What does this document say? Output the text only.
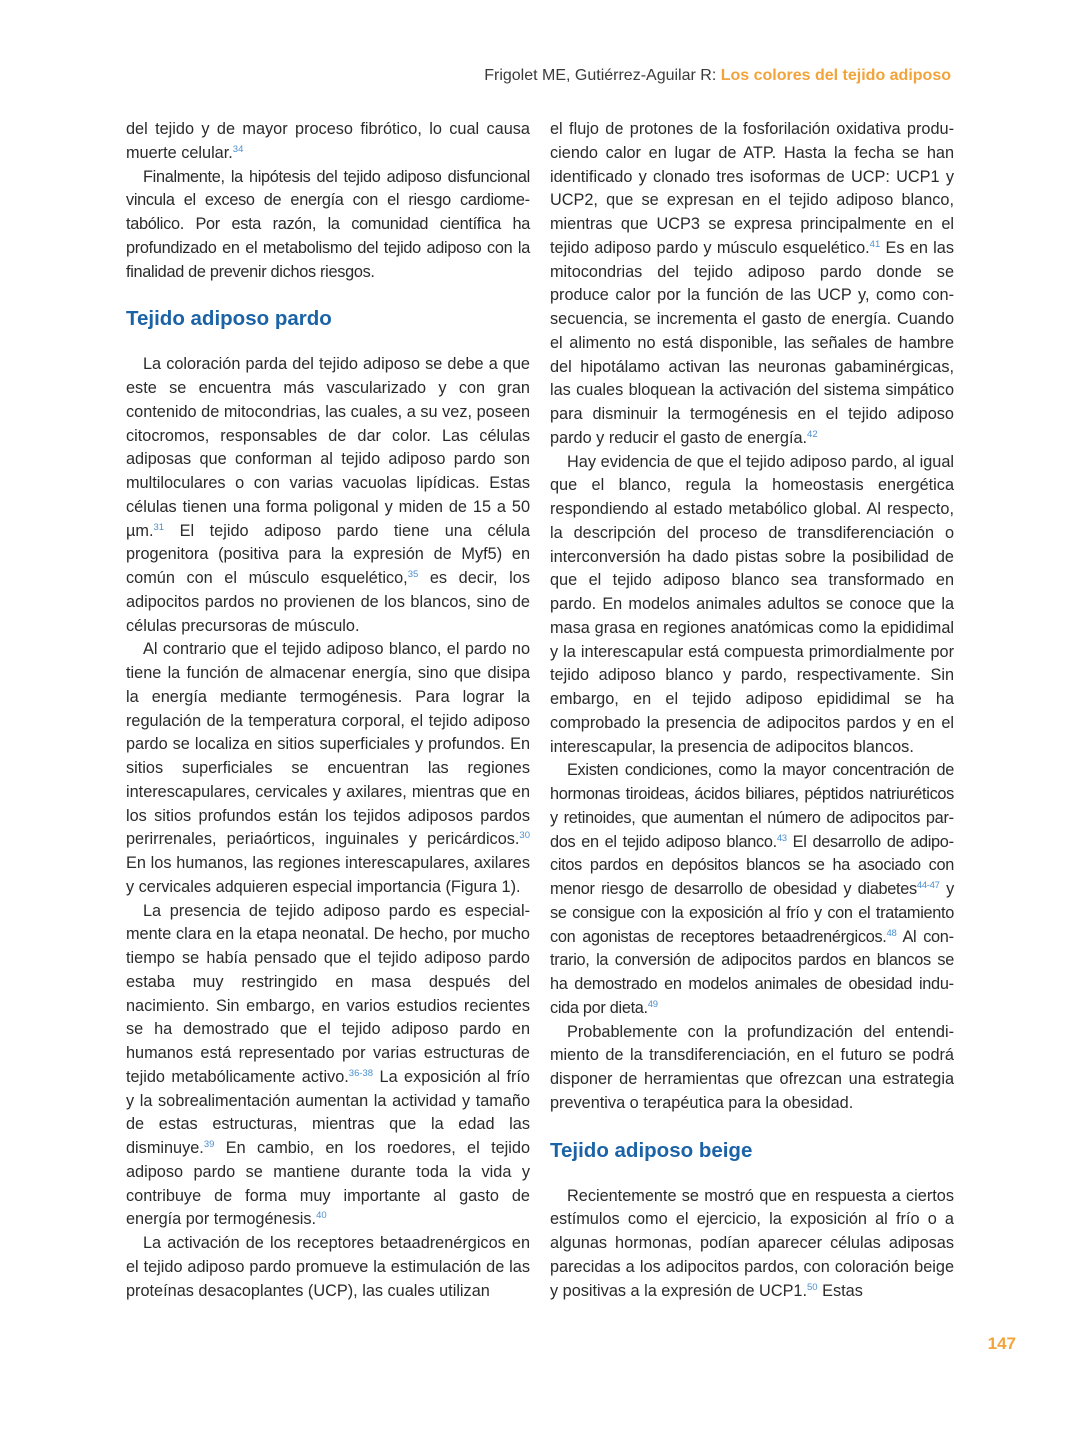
Frigolet ME, Gutiérrez-Aguilar R: Los colores del tejido adiposo

del tejido y de mayor proceso fibrótico, lo cual causa muerte celular.$^{34}$

Finalmente, la hipótesis del tejido adiposo disfuncional vincula el exceso de energía con el riesgo cardiometabólico. Por esta razón, la comunidad científica ha profundizado en el metabolismo del tejido adiposo con la finalidad de prevenir dichos riesgos.

Tejido adiposo pardo

La coloración parda del tejido adiposo se debe a que este se encuentra más vascularizado y con gran contenido de mitocondrias, las cuales, a su vez, poseen citocromos, responsables de dar color. Las células adiposas que conforman al tejido adiposo pardo son multiloculares o con varias vacuolas lipídicas. Estas células tienen una forma poligonal y miden de 15 a 50 µm.$^{31}$ El tejido adiposo pardo tiene una célula progenitora (positiva para la expresión de Myf5) en común con el músculo esquelético,$^{35}$ es decir, los adipocitos pardos no provienen de los blancos, sino de células precursoras de músculo.

Al contrario que el tejido adiposo blanco, el pardo no tiene la función de almacenar energía, sino que disipa la energía mediante termogénesis. Para lograr la regulación de la temperatura corporal, el tejido adiposo pardo se localiza en sitios superficiales y profundos. En sitios superficiales se encuentran las regiones interescapulares, cervicales y axilares, mientras que en los sitios profundos están los tejidos adiposos pardos perirrenales, periaórticos, inguinales y pericárdicos.$^{30}$ En los humanos, las regiones interescapulares, axilares y cervicales adquieren especial importancia (Figura 1).

La presencia de tejido adiposo pardo es especialmente clara en la etapa neonatal. De hecho, por mucho tiempo se había pensado que el tejido adiposo pardo estaba muy restringido en masa después del nacimiento. Sin embargo, en varios estudios recientes se ha demostrado que el tejido adiposo pardo en humanos está representado por varias estructuras de tejido metabólicamente activo.$^{36-38}$ La exposición al frío y la sobrealimentación aumentan la actividad y tamaño de estas estructuras, mientras que la edad las disminuye.$^{39}$ En cambio, en los roedores, el tejido adiposo pardo se mantiene durante toda la vida y contribuye de forma muy importante al gasto de energía por termogénesis.$^{40}$

La activación de los receptores betaadrenérgicos en el tejido adiposo pardo promueve la estimulación de las proteínas desacoplantes (UCP), las cuales utilizan

el flujo de protones de la fosforilación oxidativa produciendo calor en lugar de ATP. Hasta la fecha se han identificado y clonado tres isoformas de UCP: UCP1 y UCP2, que se expresan en el tejido adiposo blanco, mientras que UCP3 se expresa principalmente en el tejido adiposo pardo y músculo esquelético.$^{41}$ Es en las mitocondrias del tejido adiposo pardo donde se produce calor por la función de las UCP y, como consecuencia, se incrementa el gasto de energía. Cuando el alimento no está disponible, las señales de hambre del hipotálamo activan las neuronas gabaminérgicas, las cuales bloquean la activación del sistema simpático para disminuir la termogénesis en el tejido adiposo pardo y reducir el gasto de energía.$^{42}$

Hay evidencia de que el tejido adiposo pardo, al igual que el blanco, regula la homeostasis energética respondiendo al estado metabólico global. Al respecto, la descripción del proceso de transdiferenciación o interconversión ha dado pistas sobre la posibilidad de que el tejido adiposo blanco sea transformado en pardo. En modelos animales adultos se conoce que la masa grasa en regiones anatómicas como la epididimal y la interescapular está compuesta primordialmente por tejido adiposo blanco y pardo, respectivamente. Sin embargo, en el tejido adiposo epididimal se ha comprobado la presencia de adipocitos pardos y en el interescapular, la presencia de adipocitos blancos.

Existen condiciones, como la mayor concentración de hormonas tiroideas, ácidos biliares, péptidos natriuréticos y retinoides, que aumentan el número de adipocitos pardos en el tejido adiposo blanco.$^{43}$ El desarrollo de adipocitos pardos en depósitos blancos se ha asociado con menor riesgo de desarrollo de obesidad y diabetes$^{44-47}$ y se consigue con la exposición al frío y con el tratamiento con agonistas de receptores betaadrenérgicos.$^{48}$ Al contrario, la conversión de adipocitos pardos en blancos se ha demostrado en modelos animales de obesidad inducida por dieta.$^{49}$

Probablemente con la profundización del entendimiento de la transdiferenciación, en el futuro se podrá disponer de herramientas que ofrezcan una estrategia preventiva o terapéutica para la obesidad.

Tejido adiposo beige

Recientemente se mostró que en respuesta a ciertos estímulos como el ejercicio, la exposición al frío o a algunas hormonas, podían aparecer células adiposas parecidas a los adipocitos pardos, con coloración beige y positivas a la expresión de UCP1.50 Estas

147
